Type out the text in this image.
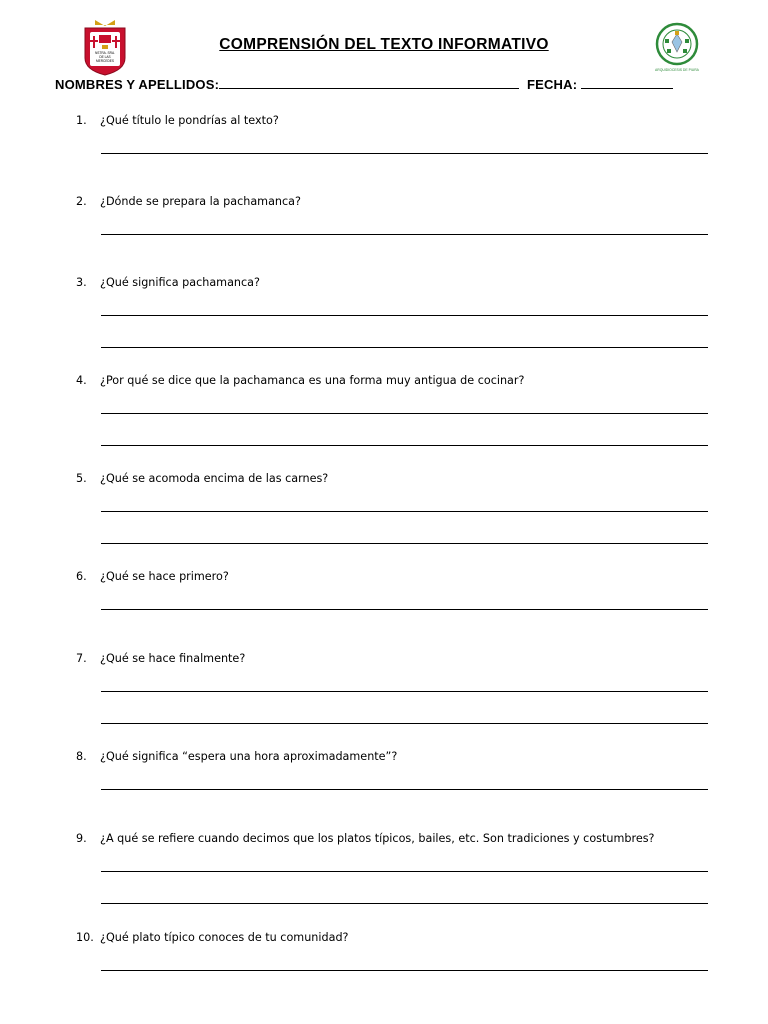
NSTRA. SRA.
DE LAS
MERCEDES
ARQUIDIOCESIS DE PIURA
COMPRENSIÓN DEL TEXTO INFORMATIVO
NOMBRES Y APELLIDOS:	FECHA:
1. ¿Qué título le pondrías al texto?
2. ¿Dónde se prepara la pachamanca?
3. ¿Qué significa pachamanca?
4. ¿Por qué se dice que la pachamanca es una forma muy antigua de cocinar?
5. ¿Qué se acomoda encima de las carnes?
6. ¿Qué se hace primero?
7. ¿Qué se hace finalmente?
8. ¿Qué significa “espera una hora aproximadamente”?
9. ¿A qué se refiere cuando decimos que los platos típicos, bailes, etc. Son tradiciones y costumbres?
10. ¿Qué plato típico conoces de tu comunidad?
